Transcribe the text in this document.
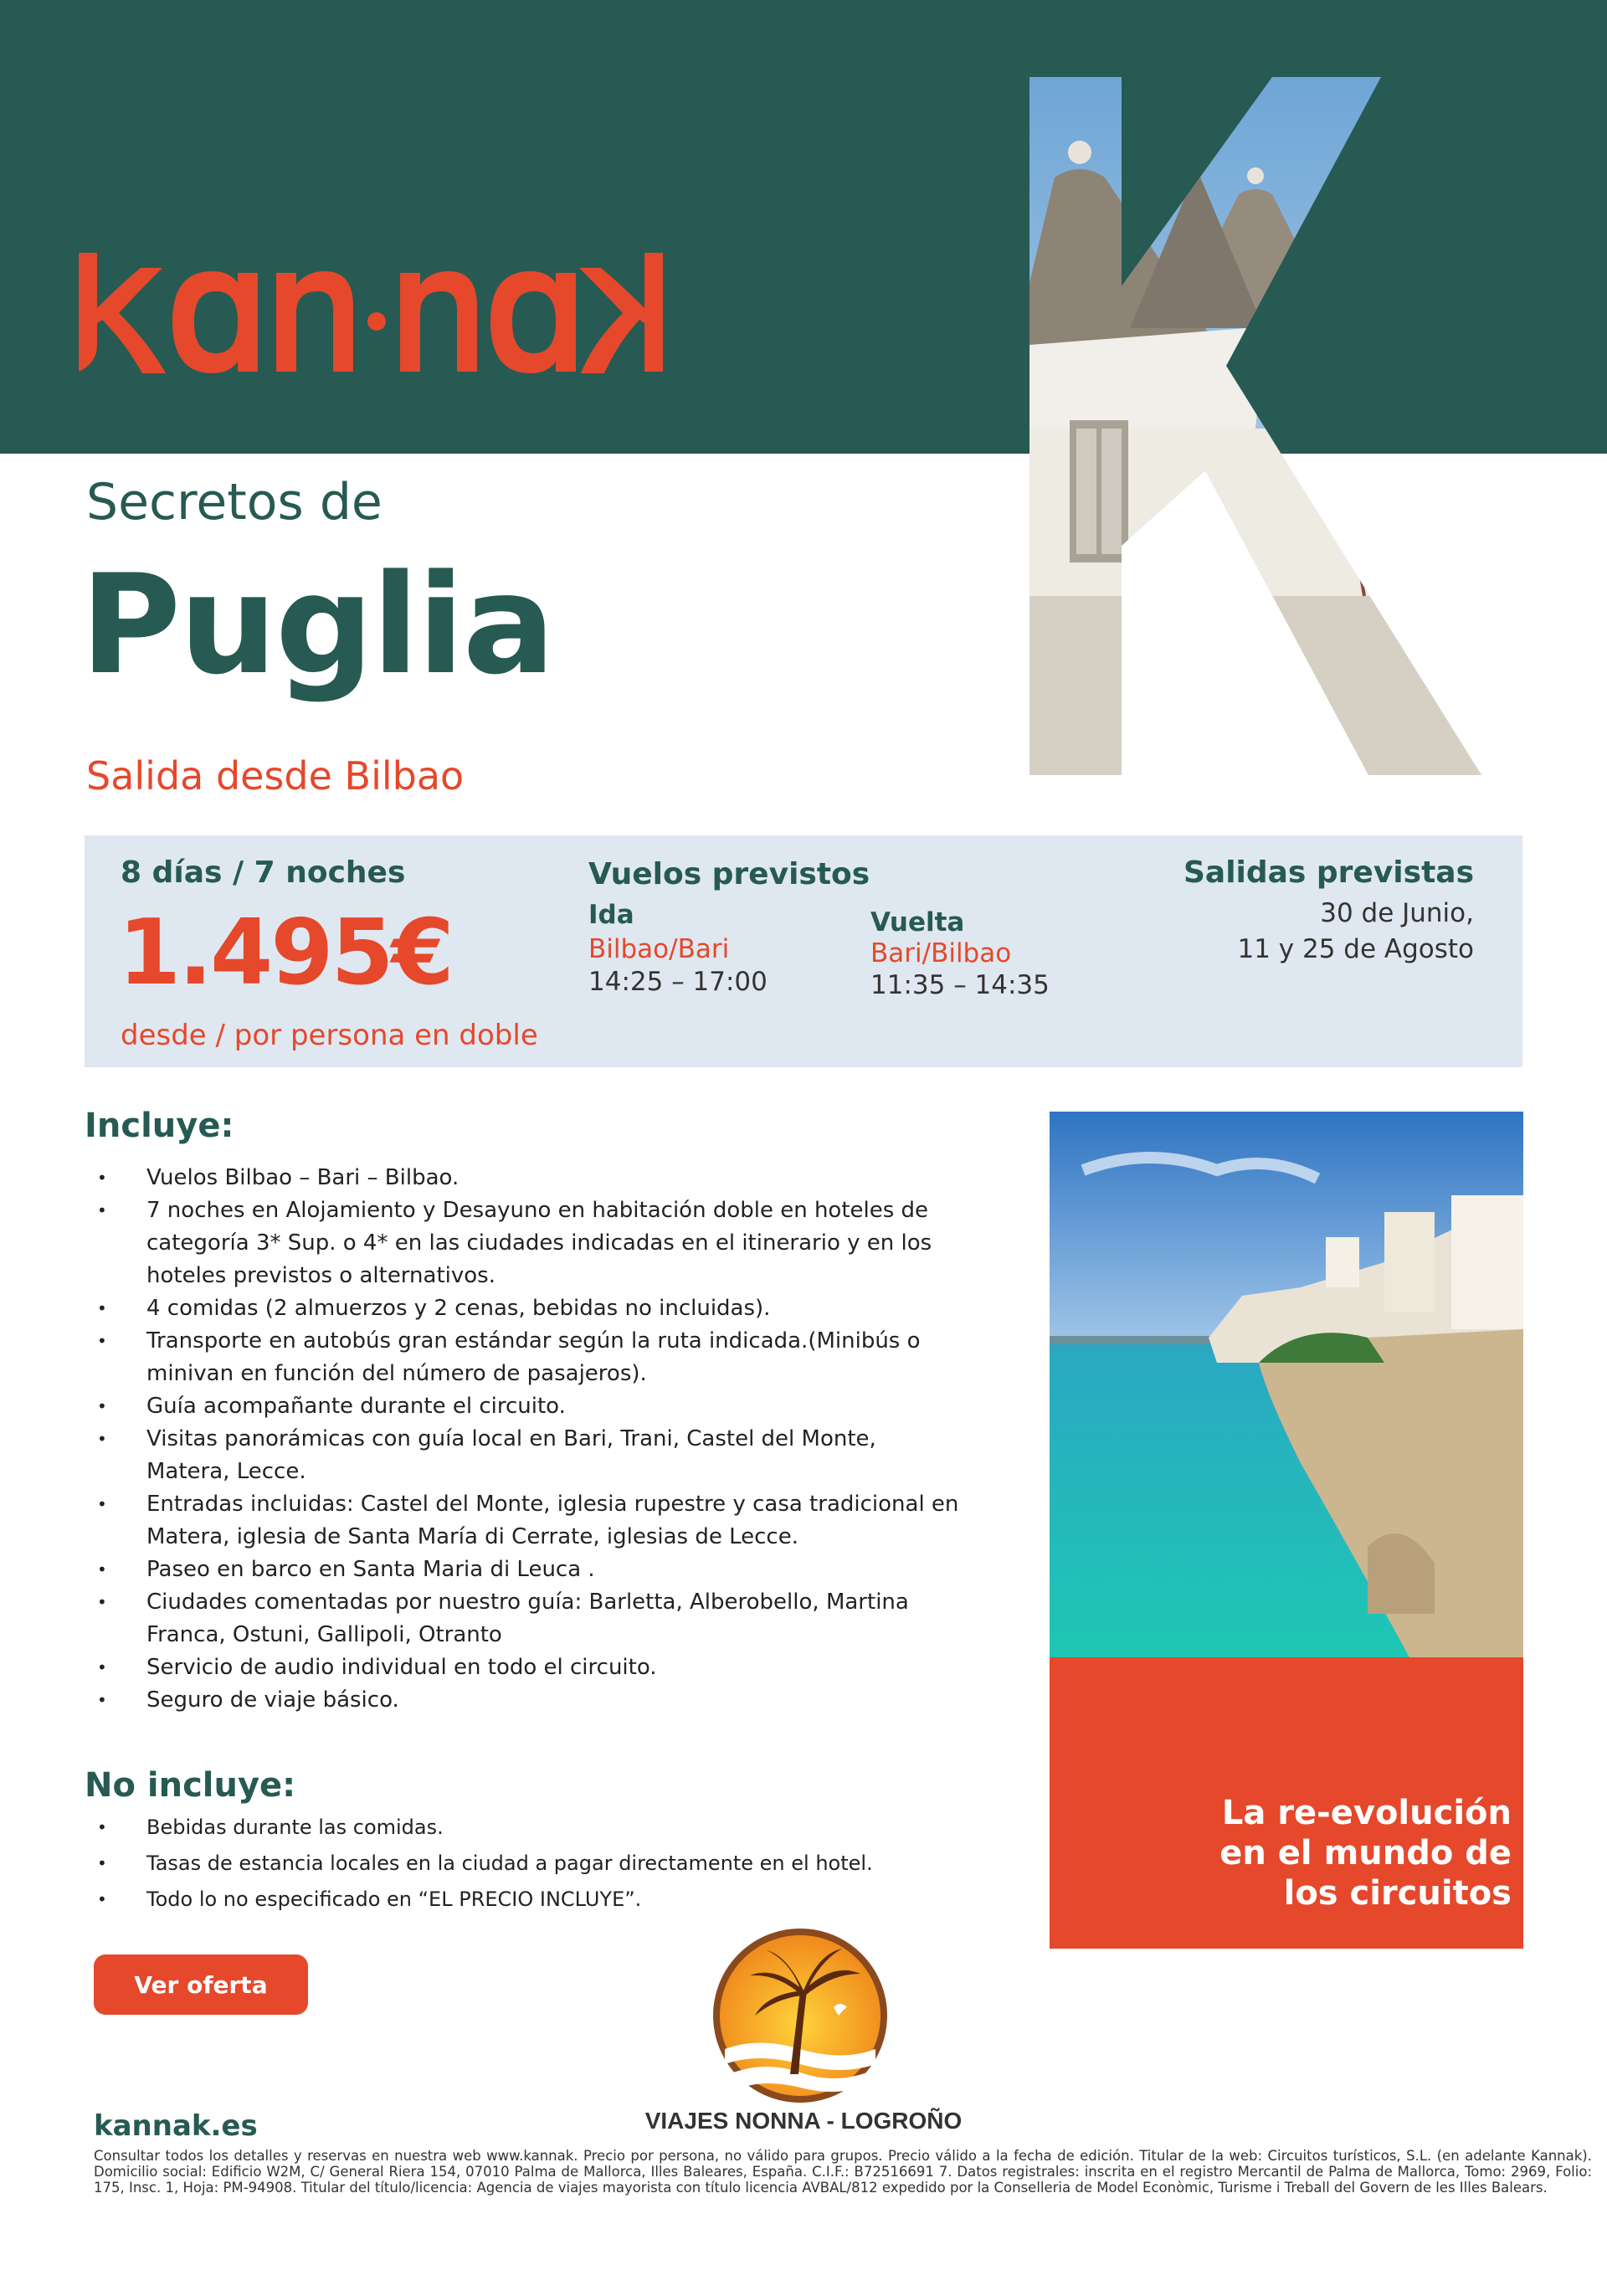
Secretos de
Puglia
Salida desde Bilbao
8 días / 7 noches
1.495€
desde / por persona en doble
Vuelos previstos
Ida
Bilbao/Bari
14:25 – 17:00
Vuelta
Bari/Bilbao
11:35 – 14:35
Salidas previstas
30 de Junio,
11 y 25 de Agosto
Incluye:
• Vuelos Bilbao – Bari – Bilbao.
• 7 noches en Alojamiento y Desayuno en habitación doble en hoteles de categoría 3* Sup. o 4* en las ciudades indicadas en el itinerario y en los hoteles previstos o alternativos.
• 4 comidas (2 almuerzos y 2 cenas, bebidas no incluidas).
• Transporte en autobús gran estándar según la ruta indicada.(Minibús o minivan en función del número de pasajeros).
• Guía acompañante durante el circuito.
• Visitas panorámicas con guía local en Bari, Trani, Castel del Monte, Matera, Lecce.
• Entradas incluidas: Castel del Monte, iglesia rupestre y casa tradicional en Matera, iglesia de Santa María di Cerrate, iglesias de Lecce.
• Paseo en barco en Santa Maria di Leuca .
• Ciudades comentadas por nuestro guía: Barletta, Alberobello, Martina Franca, Ostuni, Gallipoli, Otranto
• Servicio de audio individual en todo el circuito.
• Seguro de viaje básico.
No incluye:
• Bebidas durante las comidas.
• Tasas de estancia locales en la ciudad a pagar directamente en el hotel.
• Todo lo no especificado en “EL PRECIO INCLUYE”.
La re-evolución
en el mundo de
los circuitos
Ver oferta
VIAJES NONNA - LOGROÑO
kannak.es
Consultar todos los detalles y reservas en nuestra web www.kannak. Precio por persona, no válido para grupos. Precio válido a la fecha de edición. Titular de la web: Circuitos turísticos, S.L. (en adelante Kannak). Domicilio social: Edificio W2M, C/ General Riera 154, 07010 Palma de Mallorca, Illes Baleares, España. C.I.F.: B72516691 7. Datos registrales: inscrita en el registro Mercantil de Palma de Mallorca, Tomo: 2969, Folio: 175, Insc. 1, Hoja: PM-94908. Titular del título/licencia: Agencia de viajes mayorista con título licencia AVBAL/812 expedido por la Conselleria de Model Econòmic, Turisme i Treball del Govern de les Illes Balears.
